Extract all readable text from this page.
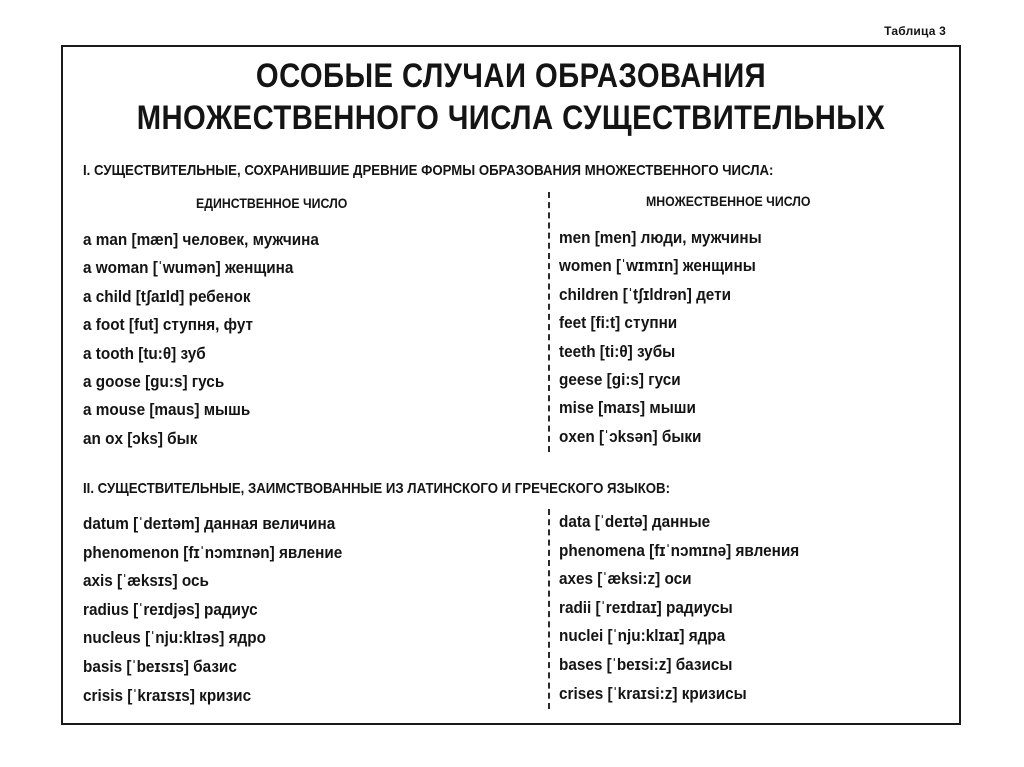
Таблица 3
ОСОБЫЕ СЛУЧАИ ОБРАЗОВАНИЯ
МНОЖЕСТВЕННОГО ЧИСЛА СУЩЕСТВИТЕЛЬНЫХ
I. СУЩЕСТВИТЕЛЬНЫЕ, СОХРАНИВШИЕ ДРЕВНИЕ ФОРМЫ ОБРАЗОВАНИЯ МНОЖЕСТВЕННОГО ЧИСЛА:
ЕДИНСТВЕННОЕ ЧИСЛО	МНОЖЕСТВЕННОЕ ЧИСЛО
a man [mæn] человек, мужчина
a woman [ˈwumən] женщина
a child [tʃaɪld] ребенок
a foot [fut] ступня, фут
a tooth [tu:θ] зуб
a goose [gu:s] гусь
a mouse [maus] мышь
an ox [ɔks] бык
men [men] люди, мужчины
women [ˈwɪmɪn] женщины
children [ˈtʃɪldrən] дети
feet [fi:t] ступни
teeth [ti:θ] зубы
geese [gi:s] гуси
mise [maɪs] мыши
oxen [ˈɔksən] быки
II. СУЩЕСТВИТЕЛЬНЫЕ, ЗАИМСТВОВАННЫЕ ИЗ ЛАТИНСКОГО И ГРЕЧЕСКОГО ЯЗЫКОВ:
datum [ˈdeɪtəm] данная величина
phenomenon [fɪˈnɔmɪnən] явление
axis [ˈæksɪs] ось
radius [ˈreɪdjəs] радиус
nucleus [ˈnju:klɪəs] ядро
basis [ˈbeɪsɪs] базис
crisis [ˈkraɪsɪs] кризис
data [ˈdeɪtə] данные
phenomena [fɪˈnɔmɪnə] явления
axes [ˈæksi:z] оси
radii [ˈreɪdɪaɪ] радиусы
nuclei [ˈnju:klɪaɪ] ядра
bases [ˈbeɪsi:z] базисы
crises [ˈkraɪsi:z] кризисы
